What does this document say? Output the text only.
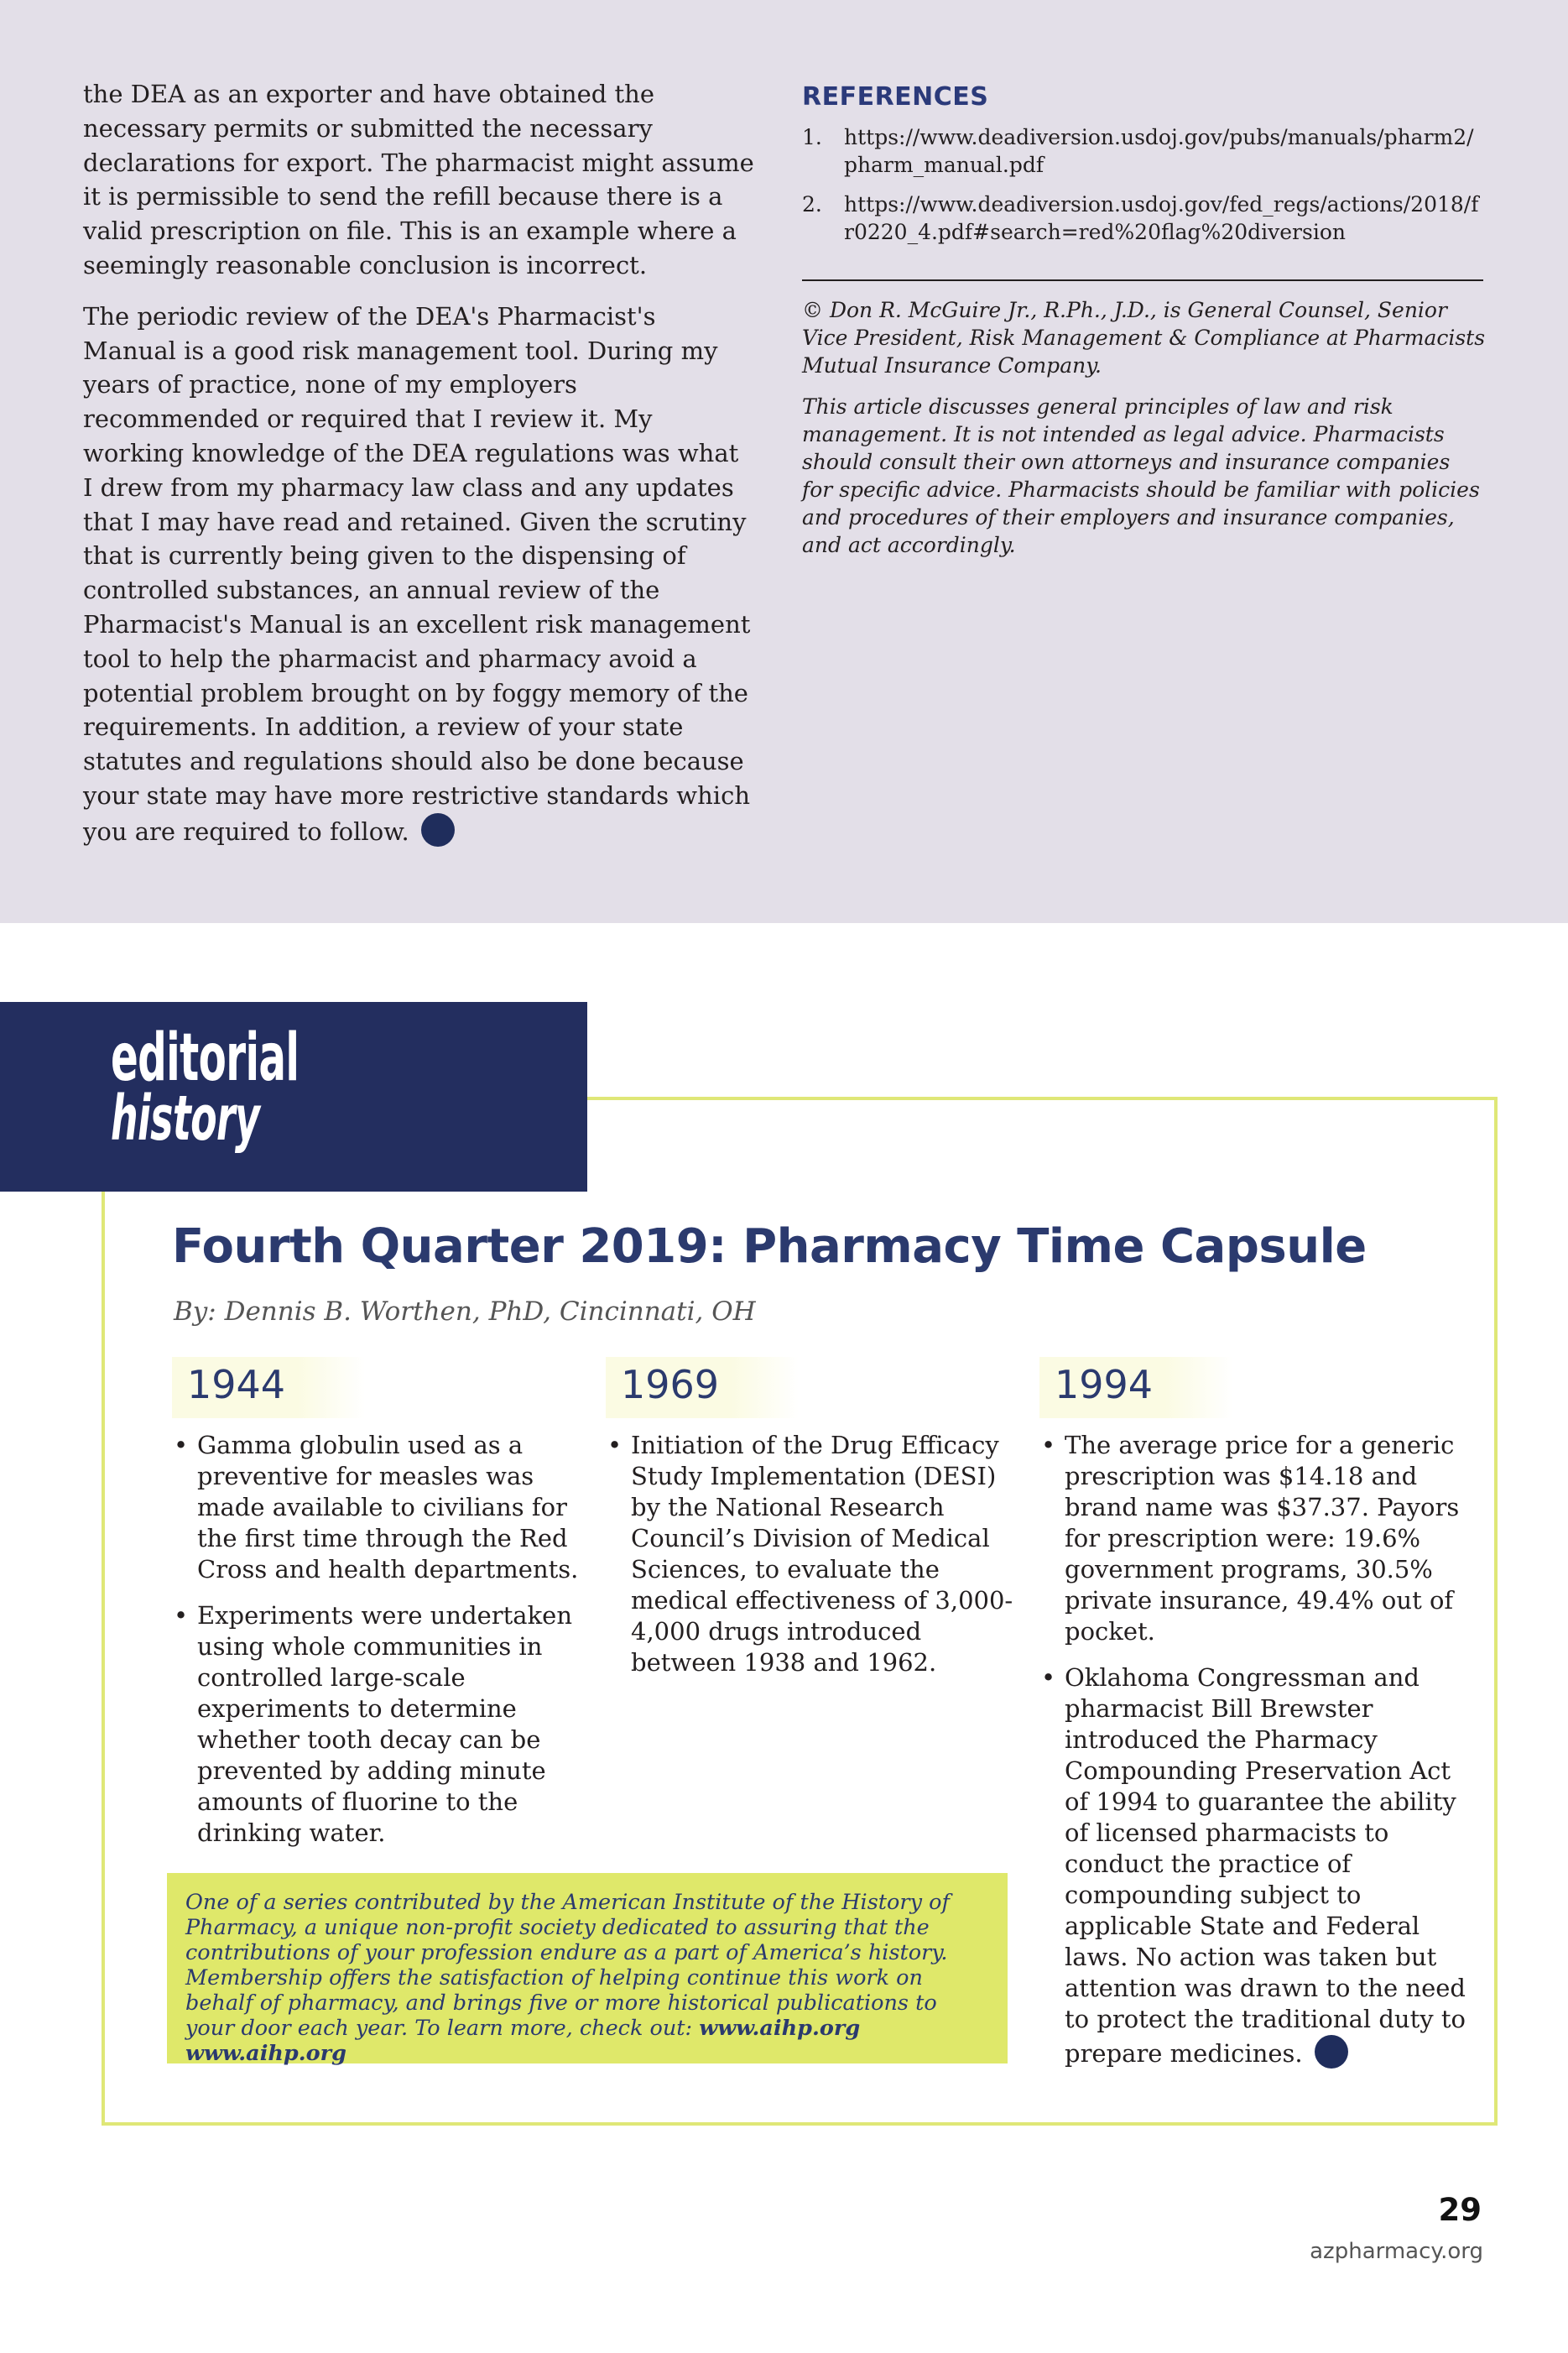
the DEA as an exporter and have obtained the necessary permits or submitted the necessary declarations for export. The pharmacist might assume it is permissible to send the refill because there is a valid prescription on file. This is an example where a seemingly reasonable conclusion is incorrect.

The periodic review of the DEA's Pharmacist's Manual is a good risk management tool. During my years of practice, none of my employers recommended or required that I review it. My working knowledge of the DEA regulations was what I drew from my pharmacy law class and any updates that I may have read and retained. Given the scrutiny that is currently being given to the dispensing of controlled substances, an annual review of the Pharmacist's Manual is an excellent risk management tool to help the pharmacist and pharmacy avoid a potential problem brought on by foggy memory of the requirements. In addition, a review of your state statutes and regulations should also be done because your state may have more restrictive standards which you are required to follow.

REFERENCES
1. https://www.deadiversion.usdoj.gov/pubs/manuals/pharm2/pharm_manual.pdf
2. https://www.deadiversion.usdoj.gov/fed_regs/actions/2018/fr0220_4.pdf#search=red%20flag%20diversion
© Don R. McGuire Jr., R.Ph., J.D., is General Counsel, Senior Vice President, Risk Management & Compliance at Pharmacists Mutual Insurance Company.
This article discusses general principles of law and risk management. It is not intended as legal advice. Pharmacists should consult their own attorneys and insurance companies for specific advice. Pharmacists should be familiar with policies and procedures of their employers and insurance companies, and act accordingly.
editorial
history
Fourth Quarter 2019: Pharmacy Time Capsule
By: Dennis B. Worthen, PhD, Cincinnati, OH
1944
• Gamma globulin used as a preventive for measles was made available to civilians for the first time through the Red Cross and health departments.
• Experiments were undertaken using whole communities in controlled large-scale experiments to determine whether tooth decay can be prevented by adding minute amounts of fluorine to the drinking water.
1969
• Initiation of the Drug Efficacy Study Implementation (DESI) by the National Research Council’s Division of Medical Sciences, to evaluate the medical effectiveness of 3,000-4,000 drugs introduced between 1938 and 1962.
1994
• The average price for a generic prescription was $14.18 and brand name was $37.37. Payors for prescription were: 19.6% government programs, 30.5% private insurance, 49.4% out of pocket.
• Oklahoma Congressman and pharmacist Bill Brewster introduced the Pharmacy Compounding Preservation Act of 1994 to guarantee the ability of licensed pharmacists to conduct the practice of compounding subject to applicable State and Federal laws. No action was taken but attention was drawn to the need to protect the traditional duty to prepare medicines.
One of a series contributed by the American Institute of the History of Pharmacy, a unique non-profit society dedicated to assuring that the contributions of your profession endure as a part of America’s history. Membership offers the satisfaction of helping continue this work on behalf of pharmacy, and brings five or more historical publications to your door each year. To learn more, check out: www.aihp.org www.aihp.org
29
azpharmacy.org
